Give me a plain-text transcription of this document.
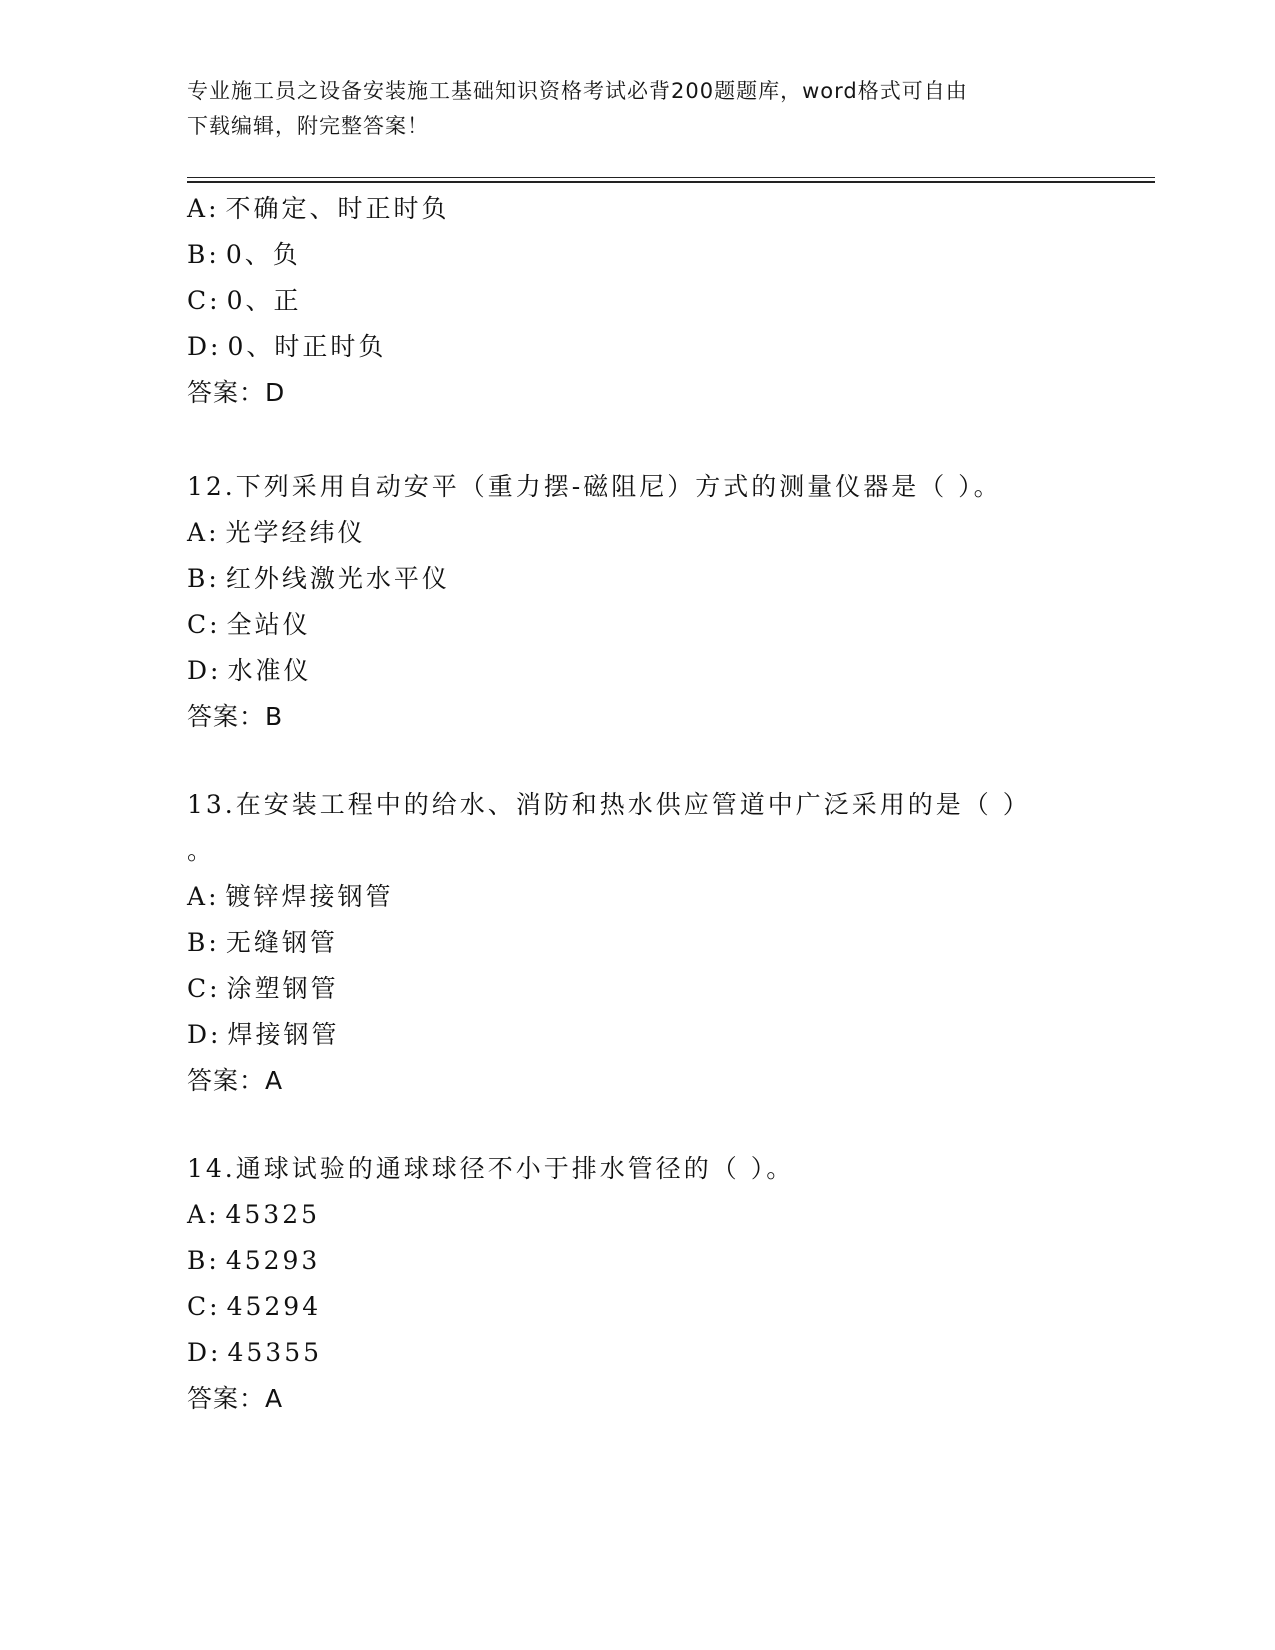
专业施工员之设备安装施工基础知识资格考试必背200题题库，word格式可自由
下载编辑，附完整答案！
A: 不确定、时正时负
B: 0、负
C: 0、正
D: 0、时正时负
答案：D
12.下列采用自动安平（重力摆-磁阻尼）方式的测量仪器是（ ）。
A: 光学经纬仪
B: 红外线激光水平仪
C: 全站仪
D: 水准仪
答案：B
13.在安装工程中的给水、消防和热水供应管道中广泛采用的是（ ）
。
A: 镀锌焊接钢管
B: 无缝钢管
C: 涂塑钢管
D: 焊接钢管
答案：A
14.通球试验的通球球径不小于排水管径的（ ）。
A: 45325
B: 45293
C: 45294
D: 45355
答案：A
